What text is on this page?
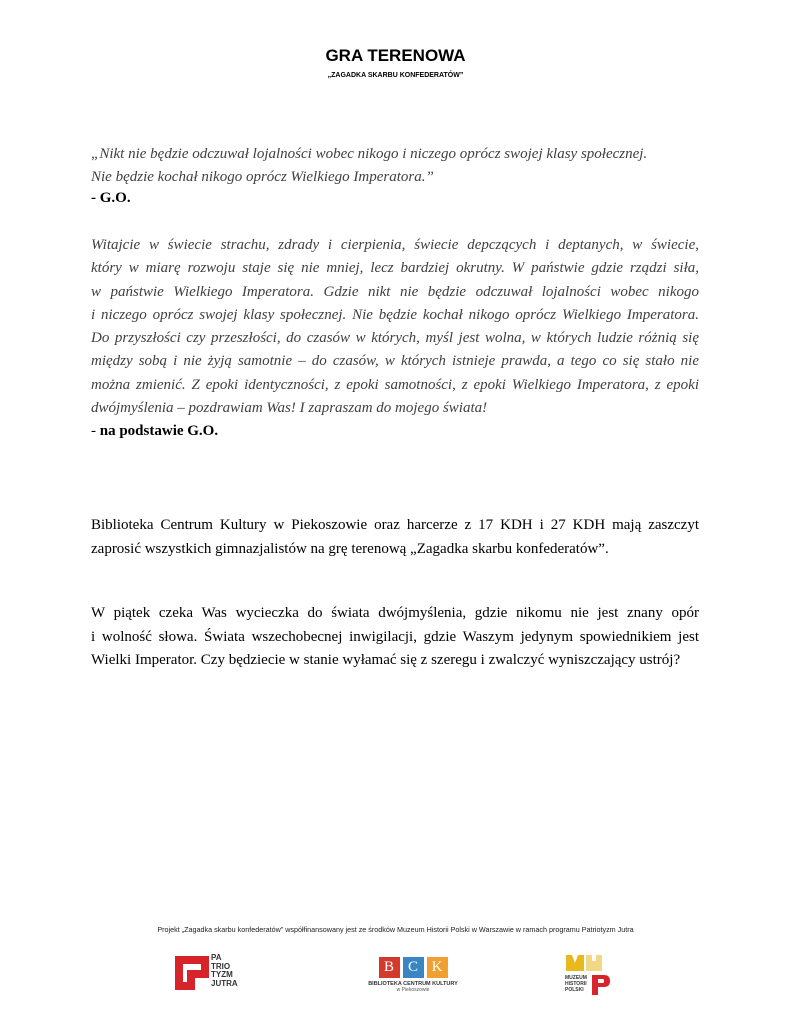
GRA TERENOWA
„ZAGADKA SKARBU KONFEDERATÓW”

„Nikt nie będzie odczuwał lojalności wobec nikogo i niczego oprócz swojej klasy społecznej.

Nie będzie kochał nikogo oprócz Wielkiego Imperatora.”

- G.O.
Witajcie w świecie strachu, zdrady i cierpienia, świecie depczących i deptanych, w świecie,
który w miarę rozwoju staje się nie mniej, lecz bardziej okrutny. W państwie gdzie rządzi siła,
w państwie Wielkiego Imperatora. Gdzie nikt nie będzie odczuwał lojalności wobec nikogo
i niczego oprócz swojej klasy społecznej. Nie będzie kochał nikogo oprócz Wielkiego Imperatora.
Do przyszłości czy przeszłości, do czasów w których, myśl jest wolna, w których ludzie różnią się
między sobą i nie żyją samotnie – do czasów, w których istnieje prawda, a tego co się stało nie
można zmienić. Z epoki identyczności, z epoki samotności, z epoki Wielkiego Imperatora, z epoki
dwójmyślenia – pozdrawiam Was! I zapraszam do mojego świata!
- na podstawie G.O.
Biblioteka Centrum Kultury w Piekoszowie oraz harcerze z 17 KDH i 27 KDH mają zaszczyt
zaprosić wszystkich gimnazjalistów na grę terenową „Zagadka skarbu konfederatów”.
W piątek czeka Was wycieczka do świata dwójmyślenia, gdzie nikomu nie jest znany opór
i wolność słowa. Świata wszechobecnej inwigilacji, gdzie Waszym jedynym spowiednikiem jest
Wielki Imperator. Czy będziecie w stanie wyłamać się z szeregu i zwalczyć wyniszczający ustrój?
Projekt „Zagadka skarbu konfederatów” współfinansowany jest ze środków Muzeum Historii Polski w Warszawie w ramach programu Patriotyzm Jutra
PA
TRIO
TYZM
JUTRA
B C K
BIBLIOTEKA CENTRUM KULTURY
w Piekoszowie
MUZEUM
HISTORII
POLSKI
